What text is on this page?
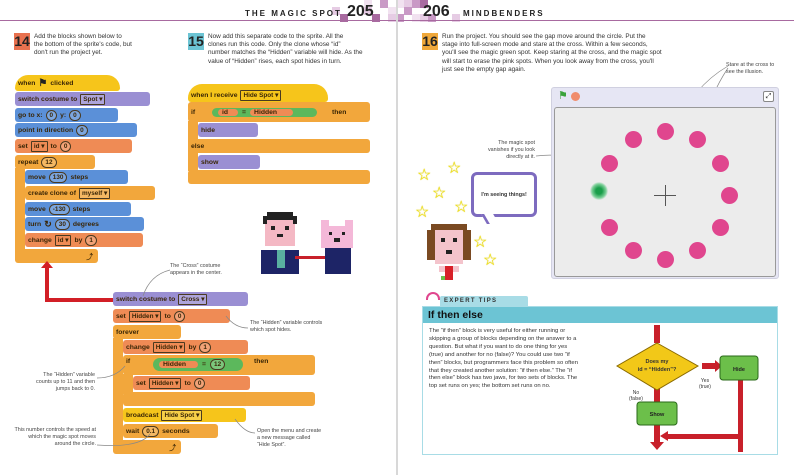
THE MAGIC SPOT 205	206 MINDBENDERS
14 Add the blocks shown below to the bottom of the sprite's code, but don't run the project yet.
15 Now add this separate code to the sprite. All the clones run this code. Only the clone whose “id” number matches the “Hidden” variable will hide. As the value of “Hidden” rises, each spot hides in turn.
16 Run the project. You should see the gap move around the circle. Put the stage into full-screen mode and stare at the cross. Within a few seconds, you'll see the magic green spot. Keep staring at the cross, and the magic spot will start to erase the pink spots. When you look away from the cross, you'll just see the empty gap again.
when ⚑ clicked
switch costume to Spot ▾
go to x:	0	y:	0
point in direction	0
set id ▾	to	0
repeat	12
move	130	steps
create clone of myself ▾
move	-130	steps
turn ↻	30	degrees
change id ▾	by	1
⤴
switch costume to Cross ▾
set Hidden ▾	to	0
forever
change Hidden ▾	by	1
if	Hidden	=	12	then
set Hidden ▾	to	0
broadcast Hide Spot ▾
wait	0.1	seconds
⤴
when I receive Hide Spot ▾
if	id	=	Hidden	then
hide
else
show
The “Cross” costume appears in the center.
The “Hidden” variable controls which spot hides.
The “Hidden” variable counts up to 11 and then jumps back to 0.
This number controls the speed at which the magic spot moves around the circle.
Open the menu and create a new message called “Hide Spot”.
☆ ☆
☆
☆
☆
☆
☆
I'm seeing things!
The magic spot vanishes if you look directly at it.
Stare at the cross to see the illusion.
⚑	⤢
EXPERT TIPS
If then else
The “if then” block is very useful for either running or skipping a group of blocks depending on the answer to a question. But what if you want to do one thing for yes (true) and another for no (false)? You could use two “if then” blocks, but programmers face this problem so often that they created another solution: “if then else.” The “if then else” block has two jaws, for two sets of blocks. The top set runs on yes; the bottom set runs on no.
Does my
id = “Hidden”?	Hide
Show
Yes
(true)
No
(false)
